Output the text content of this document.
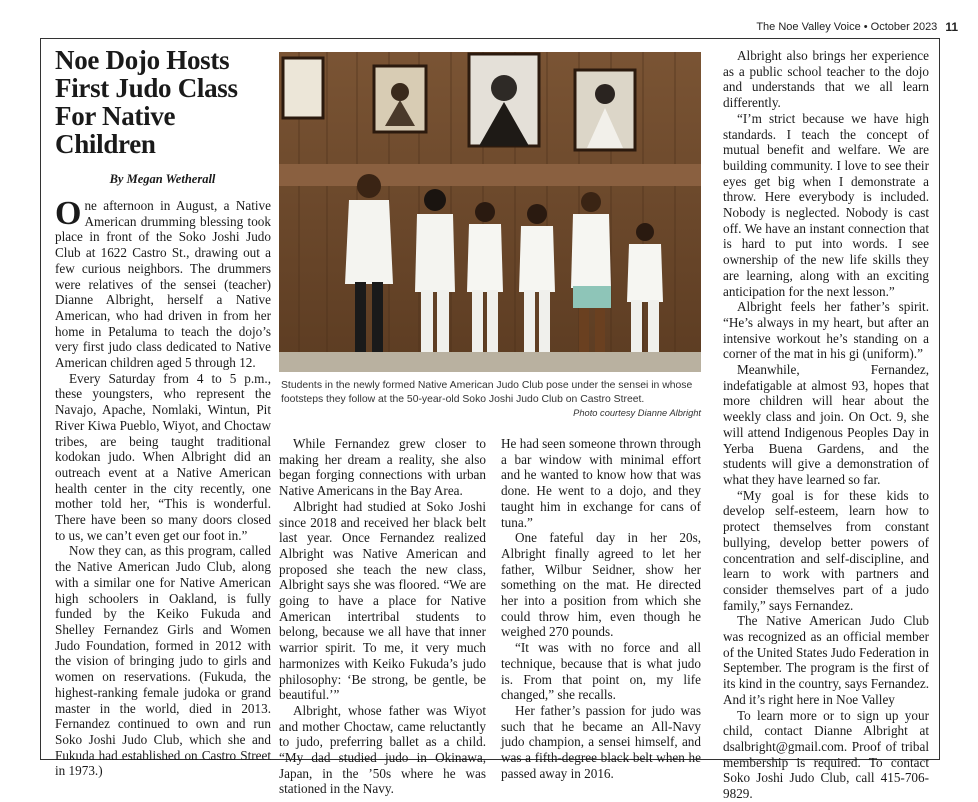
The Noe Valley Voice • October 2023 11
Noe Dojo Hosts First Judo Class For Native Children
By Megan Wetherall

One afternoon in August, a Native American drumming blessing took place in front of the Soko Joshi Judo Club at 1622 Castro St., drawing out a few curious neighbors. The drummers were relatives of the sensei (teacher) Dianne Albright, herself a Native American, who had driven in from her home in Petaluma to teach the dojo’s very first judo class dedicated to Native American children aged 5 through 12.

Every Saturday from 4 to 5 p.m., these youngsters, who represent the Navajo, Apache, Nomlaki, Wintun, Pit River Kiwa Pueblo, Wiyot, and Choctaw tribes, are being taught traditional kodokan judo. When Albright did an outreach event at a Native American health center in the city recently, one mother told her, “This is wonderful. There have been so many doors closed to us, we can’t even get our foot in.”

Now they can, as this program, called the Native American Judo Club, along with a similar one for Native American high schoolers in Oakland, is fully funded by the Keiko Fukuda and Shelley Fernandez Girls and Women Judo Foundation, formed in 2012 with the vision of bringing judo to girls and women on reservations. (Fukuda, the highest-ranking female judoka or grand master in the world, died in 2013. Fernandez continued to own and run Soko Joshi Judo Club, which she and Fukuda had established on Castro Street in 1973.)

Students in the newly formed Native American Judo Club pose under the sensei in whose footsteps they follow at the 50-year-old Soko Joshi Judo Club on Castro Street.
Photo courtesy Dianne Albright

While Fernandez grew closer to making her dream a reality, she also began forging connections with urban Native Americans in the Bay Area.

Albright had studied at Soko Joshi since 2018 and received her black belt last year. Once Fernandez realized Albright was Native American and proposed she teach the new class, Albright says she was floored. “We are going to have a place for Native American intertribal students to belong, because we all have that inner warrior spirit. To me, it very much harmonizes with Keiko Fukuda’s judo philosophy: ‘Be strong, be gentle, be beautiful.’”

Albright, whose father was Wiyot and mother Choctaw, came reluctantly to judo, preferring ballet as a child. “My dad studied judo in Okinawa, Japan, in the ’50s where he was stationed in the Navy.

He had seen someone thrown through a bar window with minimal effort and he wanted to know how that was done. He went to a dojo, and they taught him in exchange for cans of tuna.”

One fateful day in her 20s, Albright finally agreed to let her father, Wilbur Seidner, show her something on the mat. He directed her into a position from which she could throw him, even though he weighed 270 pounds.

“It was with no force and all technique, because that is what judo is. From that point on, my life changed,” she recalls.

Her father’s passion for judo was such that he became an All-Navy judo champion, a sensei himself, and was a fifth-degree black belt when he passed away in 2016.

Albright also brings her experience as a public school teacher to the dojo and understands that we all learn differently.

“I’m strict because we have high standards. I teach the concept of mutual benefit and welfare. We are building community. I love to see their eyes get big when I demonstrate a throw. Here everybody is included. Nobody is neglected. Nobody is cast off. We have an instant connection that is hard to put into words. I see ownership of the new life skills they are learning, along with an exciting anticipation for the next lesson.”

Albright feels her father’s spirit. “He’s always in my heart, but after an intensive workout he’s standing on a corner of the mat in his gi (uniform).”

Meanwhile, Fernandez, indefatigable at almost 93, hopes that more children will hear about the weekly class and join. On Oct. 9, she will attend Indigenous Peoples Day in Yerba Buena Gardens, and the students will give a demonstration of what they have learned so far.

“My goal is for these kids to develop self-esteem, learn how to protect themselves from constant bullying, develop better powers of concentration and self-discipline, and learn to work with partners and consider themselves part of a judo family,” says Fernandez.

The Native American Judo Club was recognized as an official member of the United States Judo Federation in September. The program is the first of its kind in the country, says Fernandez. And it’s right here in Noe Valley

To learn more or to sign up your child, contact Dianne Albright at dsalbright@gmail.com. Proof of tribal membership is required. To contact Soko Joshi Judo Club, call 415-706-9829.
